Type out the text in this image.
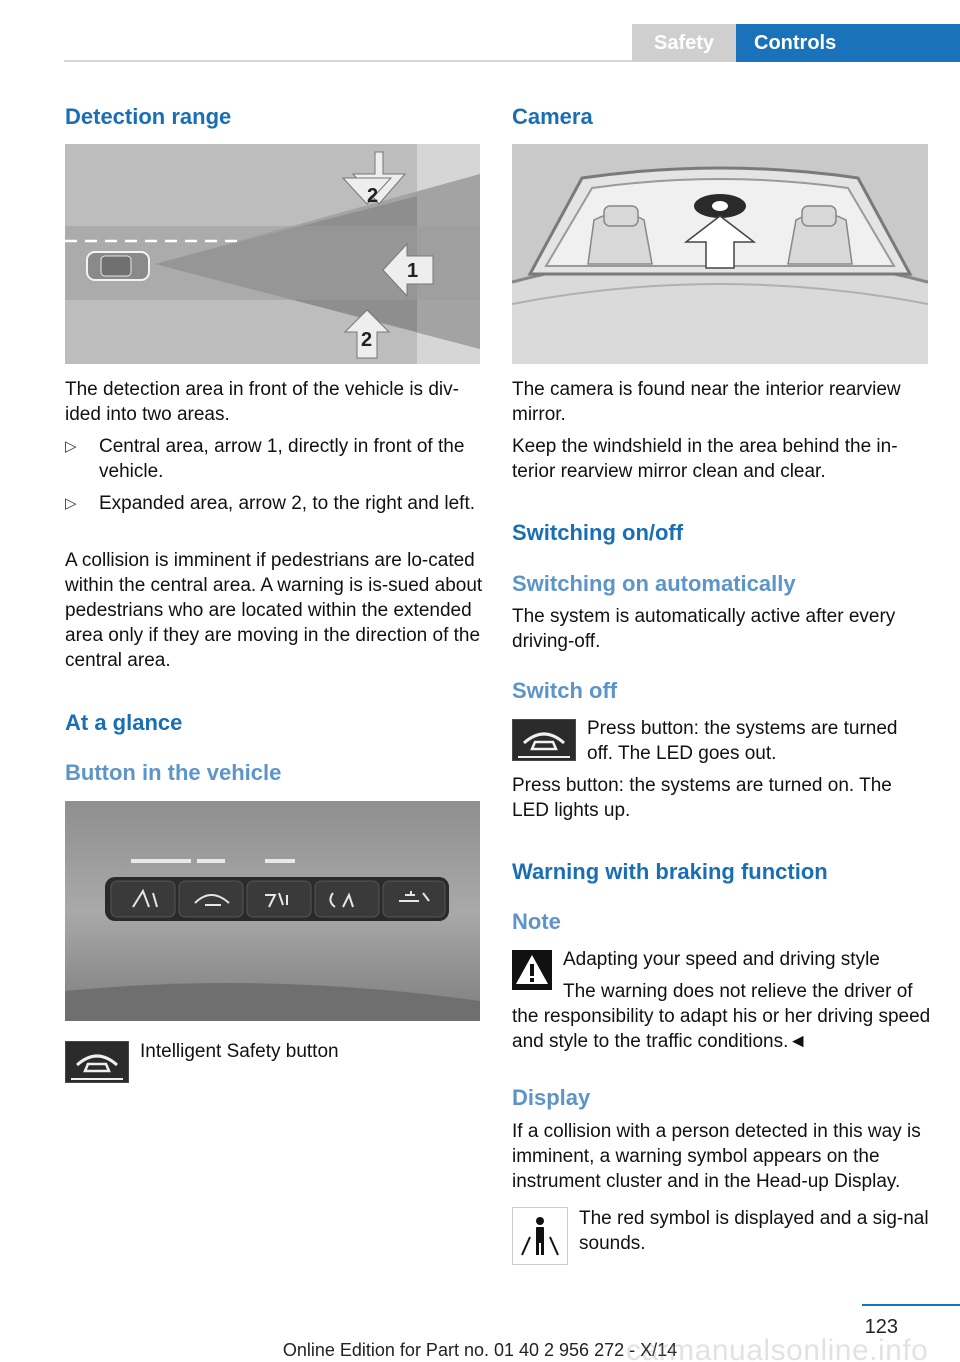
Safety	Controls
Detection range
2
1
2
The detection area in front of the vehicle is div-ided into two areas.
▷ Central area, arrow 1, directly in front of the vehicle.
▷ Expanded area, arrow 2, to the right and left.
A collision is imminent if pedestrians are lo-cated within the central area. A warning is is-sued about pedestrians who are located within the extended area only if they are moving in the direction of the central area.
At a glance
Button in the vehicle
Intelligent Safety button
Camera
The camera is found near the interior rearview mirror.
Keep the windshield in the area behind the in-terior rearview mirror clean and clear.
Switching on/off
Switching on automatically
The system is automatically active after every driving-off.
Switch off
Press button: the systems are turned off. The LED goes out.
Press button: the systems are turned on. The LED lights up.
Warning with braking function
Note
Adapting your speed and driving style
The warning does not relieve the driver of the responsibility to adapt his or her driving speed and style to the traffic conditions.◄
Display
If a collision with a person detected in this way is imminent, a warning symbol appears on the instrument cluster and in the Head-up Display.
The red symbol is displayed and a sig-nal sounds.
123
Online Edition for Part no. 01 40 2 956 272 - X/14
carmanualsonline.info
